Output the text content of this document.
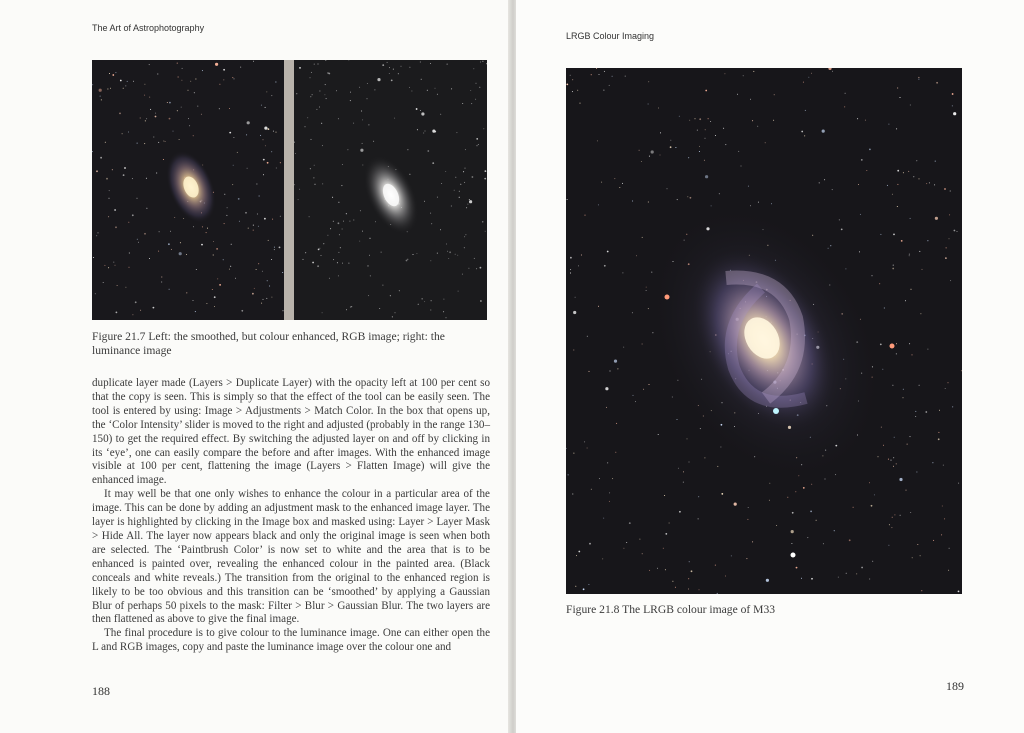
The Art of Astrophotography

Figure 21.7 Left: the smoothed, but colour enhanced, RGB image; right: the luminance image

duplicate layer made (Layers > Duplicate Layer) with the opacity left at 100 per cent so that the copy is seen. This is simply so that the effect of the tool can be easily seen. The tool is entered by using: Image > Adjustments > Match Color. In the box that opens up, the ‘Color Intensity’ slider is moved to the right and adjusted (probably in the range 130–150) to get the required effect. By switching the adjusted layer on and off by clicking in its ‘eye’, one can easily compare the before and after images. With the enhanced image visible at 100 per cent, flattening the image (Layers > Flatten Image) will give the enhanced image.

It may well be that one only wishes to enhance the colour in a particular area of the image. This can be done by adding an adjustment mask to the enhanced image layer. The layer is highlighted by clicking in the Image box and masked using: Layer > Layer Mask > Hide All. The layer now appears black and only the original image is seen when both are selected. The ‘Paintbrush Color’ is now set to white and the area that is to be enhanced is painted over, revealing the enhanced colour in the painted area. (Black conceals and white reveals.) The transition from the original to the enhanced region is likely to be too obvious and this transition can be ‘smoothed’ by applying a Gaussian Blur of perhaps 50 pixels to the mask: Filter > Blur > Gaussian Blur. The two layers are then flattened as above to give the final image.

The final procedure is to give colour to the luminance image. One can either open the L and RGB images, copy and paste the luminance image over the colour one and

188
LRGB Colour Imaging

Figure 21.8 The LRGB colour image of M33

189
